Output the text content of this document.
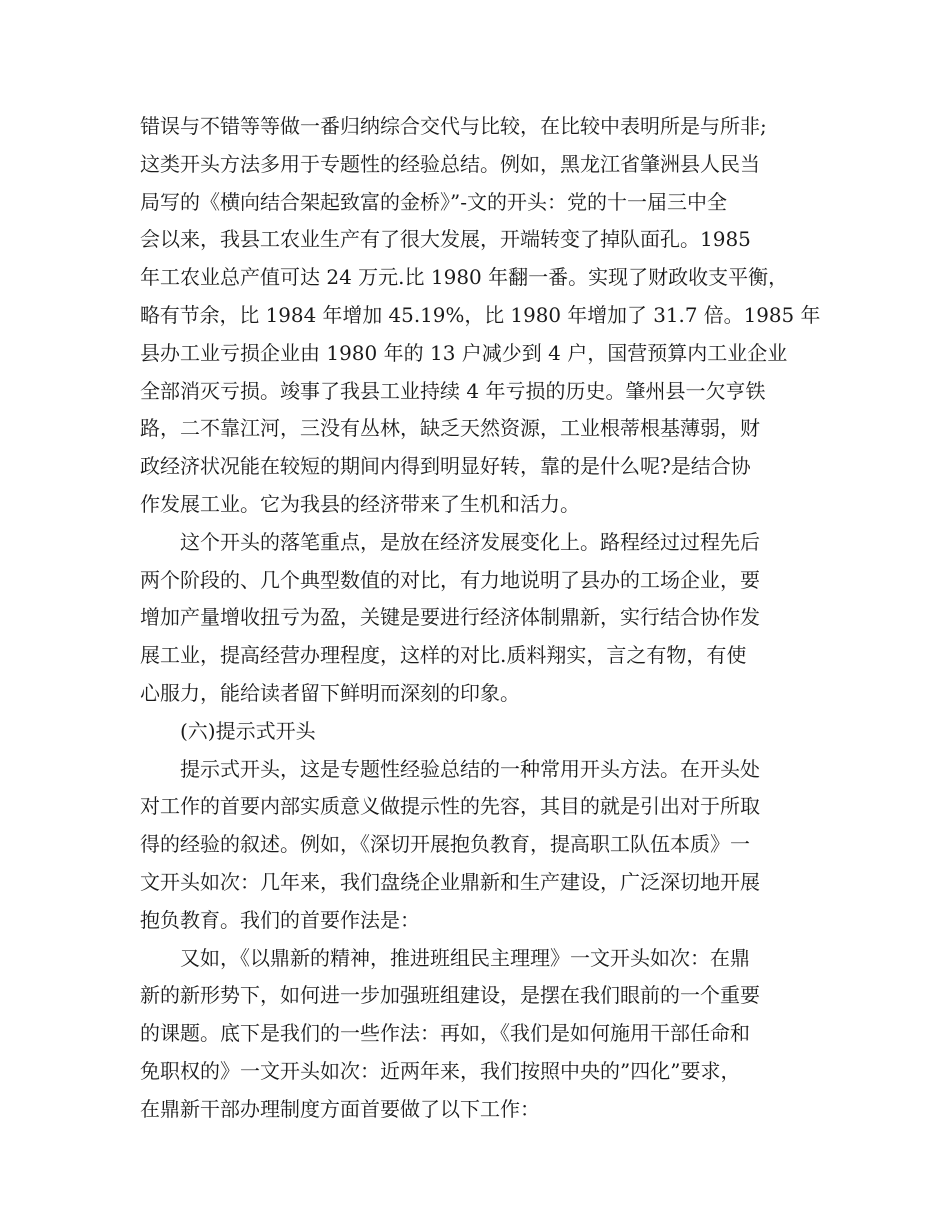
错误与不错等等做一番归纳综合交代与比较，在比较中表明所是与所非;
这类开头方法多用于专题性的经验总结。例如，黑龙江省肇洲县人民当
局写的《横向结合架起致富的金桥》”-文的开头：党的十一届三中全
会以来，我县工农业生产有了很大发展，开端转变了掉队面孔。1985
年工农业总产值可达 24 万元.比 1980 年翻一番。实现了财政收支平衡，
略有节余，比 1984 年增加 45.19%，比 1980 年增加了 31.7 倍。1985 年
县办工业亏损企业由 1980 年的 13 户减少到 4 户，国营预算内工业企业
全部消灭亏损。竣事了我县工业持续 4 年亏损的历史。肇州县一欠亨铁
路，二不靠江河，三没有丛林，缺乏天然资源，工业根蒂根基薄弱，财
政经济状况能在较短的期间内得到明显好转，靠的是什么呢?是结合协
作发展工业。它为我县的经济带来了生机和活力。
这个开头的落笔重点，是放在经济发展变化上。路程经过过程先后
两个阶段的、几个典型数值的对比，有力地说明了县办的工场企业，要
增加产量增收扭亏为盈，关键是要进行经济体制鼎新，实行结合协作发
展工业，提高经营办理程度，这样的对比.质料翔实，言之有物，有使
心服力，能给读者留下鲜明而深刻的印象。
(六)提示式开头
提示式开头，这是专题性经验总结的一种常用开头方法。在开头处
对工作的首要内部实质意义做提示性的先容，其目的就是引出对于所取
得的经验的叙述。例如，《深切开展抱负教育，提高职工队伍本质》一
文开头如次：几年来，我们盘绕企业鼎新和生产建设，广泛深切地开展
抱负教育。我们的首要作法是：
又如，《以鼎新的精神，推进班组民主理理》一文开头如次：在鼎
新的新形势下，如何进一步加强班组建设，是摆在我们眼前的一个重要
的课题。底下是我们的一些作法：再如，《我们是如何施用干部任命和
免职权的》一文开头如次：近两年来，我们按照中央的”四化”要求，
在鼎新干部办理制度方面首要做了以下工作：
